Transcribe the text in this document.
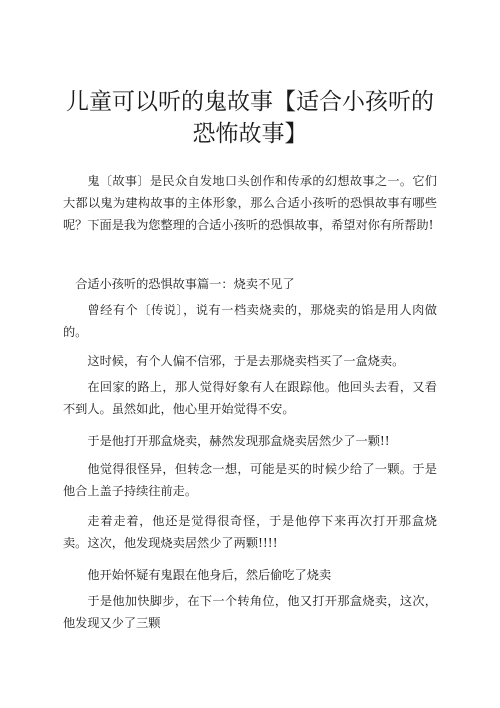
儿童可以听的鬼故事【适合小孩听的恐怖故事】

鬼〔故事〕是民众自发地口头创作和传承的幻想故事之一。它们大都以鬼为建构故事的主体形象，那么合适小孩听的恐惧故事有哪些呢？下面是我为您整理的合适小孩听的恐惧故事，希望对你有所帮助!

合适小孩听的恐惧故事篇一：烧卖不见了

曾经有个〔传说〕，说有一档卖烧卖的，那烧卖的馅是用人肉做的。

这时候，有个人偏不信邪，于是去那烧卖档买了一盒烧卖。

在回家的路上，那人觉得好象有人在跟踪他。他回头去看，又看不到人。虽然如此，他心里开始觉得不安。

于是他打开那盒烧卖，赫然发现那盒烧卖居然少了一颗!!

他觉得很怪异，但转念一想，可能是买的时候少给了一颗。于是他合上盖子持续往前走。

走着走着，他还是觉得很奇怪，于是他停下来再次打开那盒烧卖。这次，他发现烧卖居然少了两颗!!!!

他开始怀疑有鬼跟在他身后，然后偷吃了烧卖

于是他加快脚步，在下一个转角位，他又打开那盒烧卖，这次，他发现又少了三颗
